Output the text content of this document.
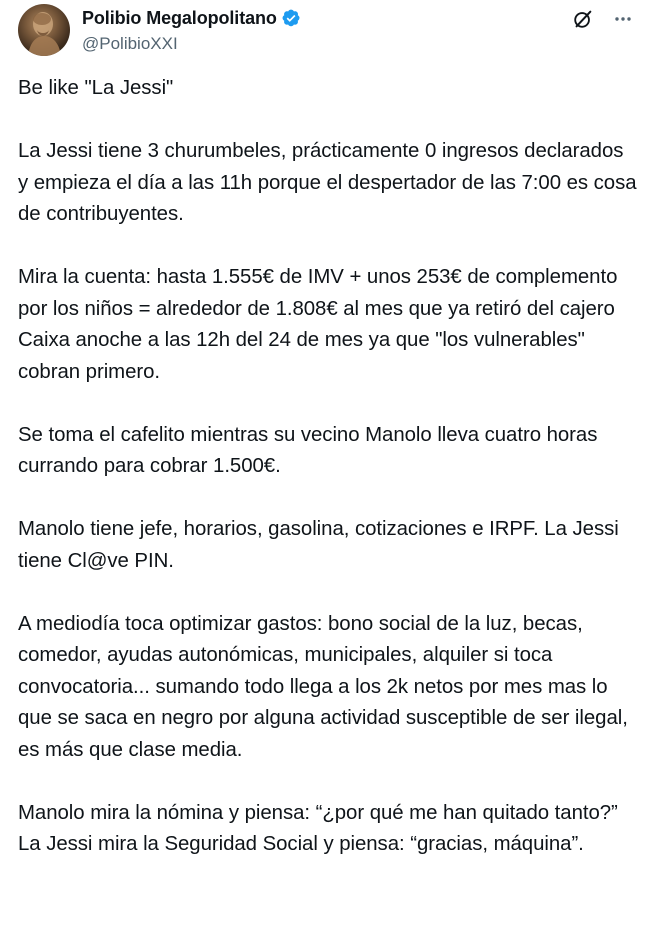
Polibio Megalopolitano
@PolibioXXI

Be like "La Jessi"

La Jessi tiene 3 churumbeles, prácticamente 0 ingresos declarados y empieza el día a las 11h porque el despertador de las 7:00 es cosa de contribuyentes.

Mira la cuenta: hasta 1.555€ de IMV + unos 253€ de complemento por los niños = alrededor de 1.808€ al mes que ya retiró del cajero Caixa anoche a las 12h del 24 de mes ya que "los vulnerables" cobran primero.

Se toma el cafelito mientras su vecino Manolo lleva cuatro horas currando para cobrar 1.500€.

Manolo tiene jefe, horarios, gasolina, cotizaciones e IRPF. La Jessi tiene Cl@ve PIN.

A mediodía toca optimizar gastos: bono social de la luz, becas, comedor, ayudas autonómicas, municipales, alquiler si toca convocatoria... sumando todo llega a los 2k netos por mes mas lo que se saca en negro por alguna actividad susceptible de ser ilegal, es más que clase media.

Manolo mira la nómina y piensa: “¿por qué me han quitado tanto?”

La Jessi mira la Seguridad Social y piensa: “gracias, máquina”.
